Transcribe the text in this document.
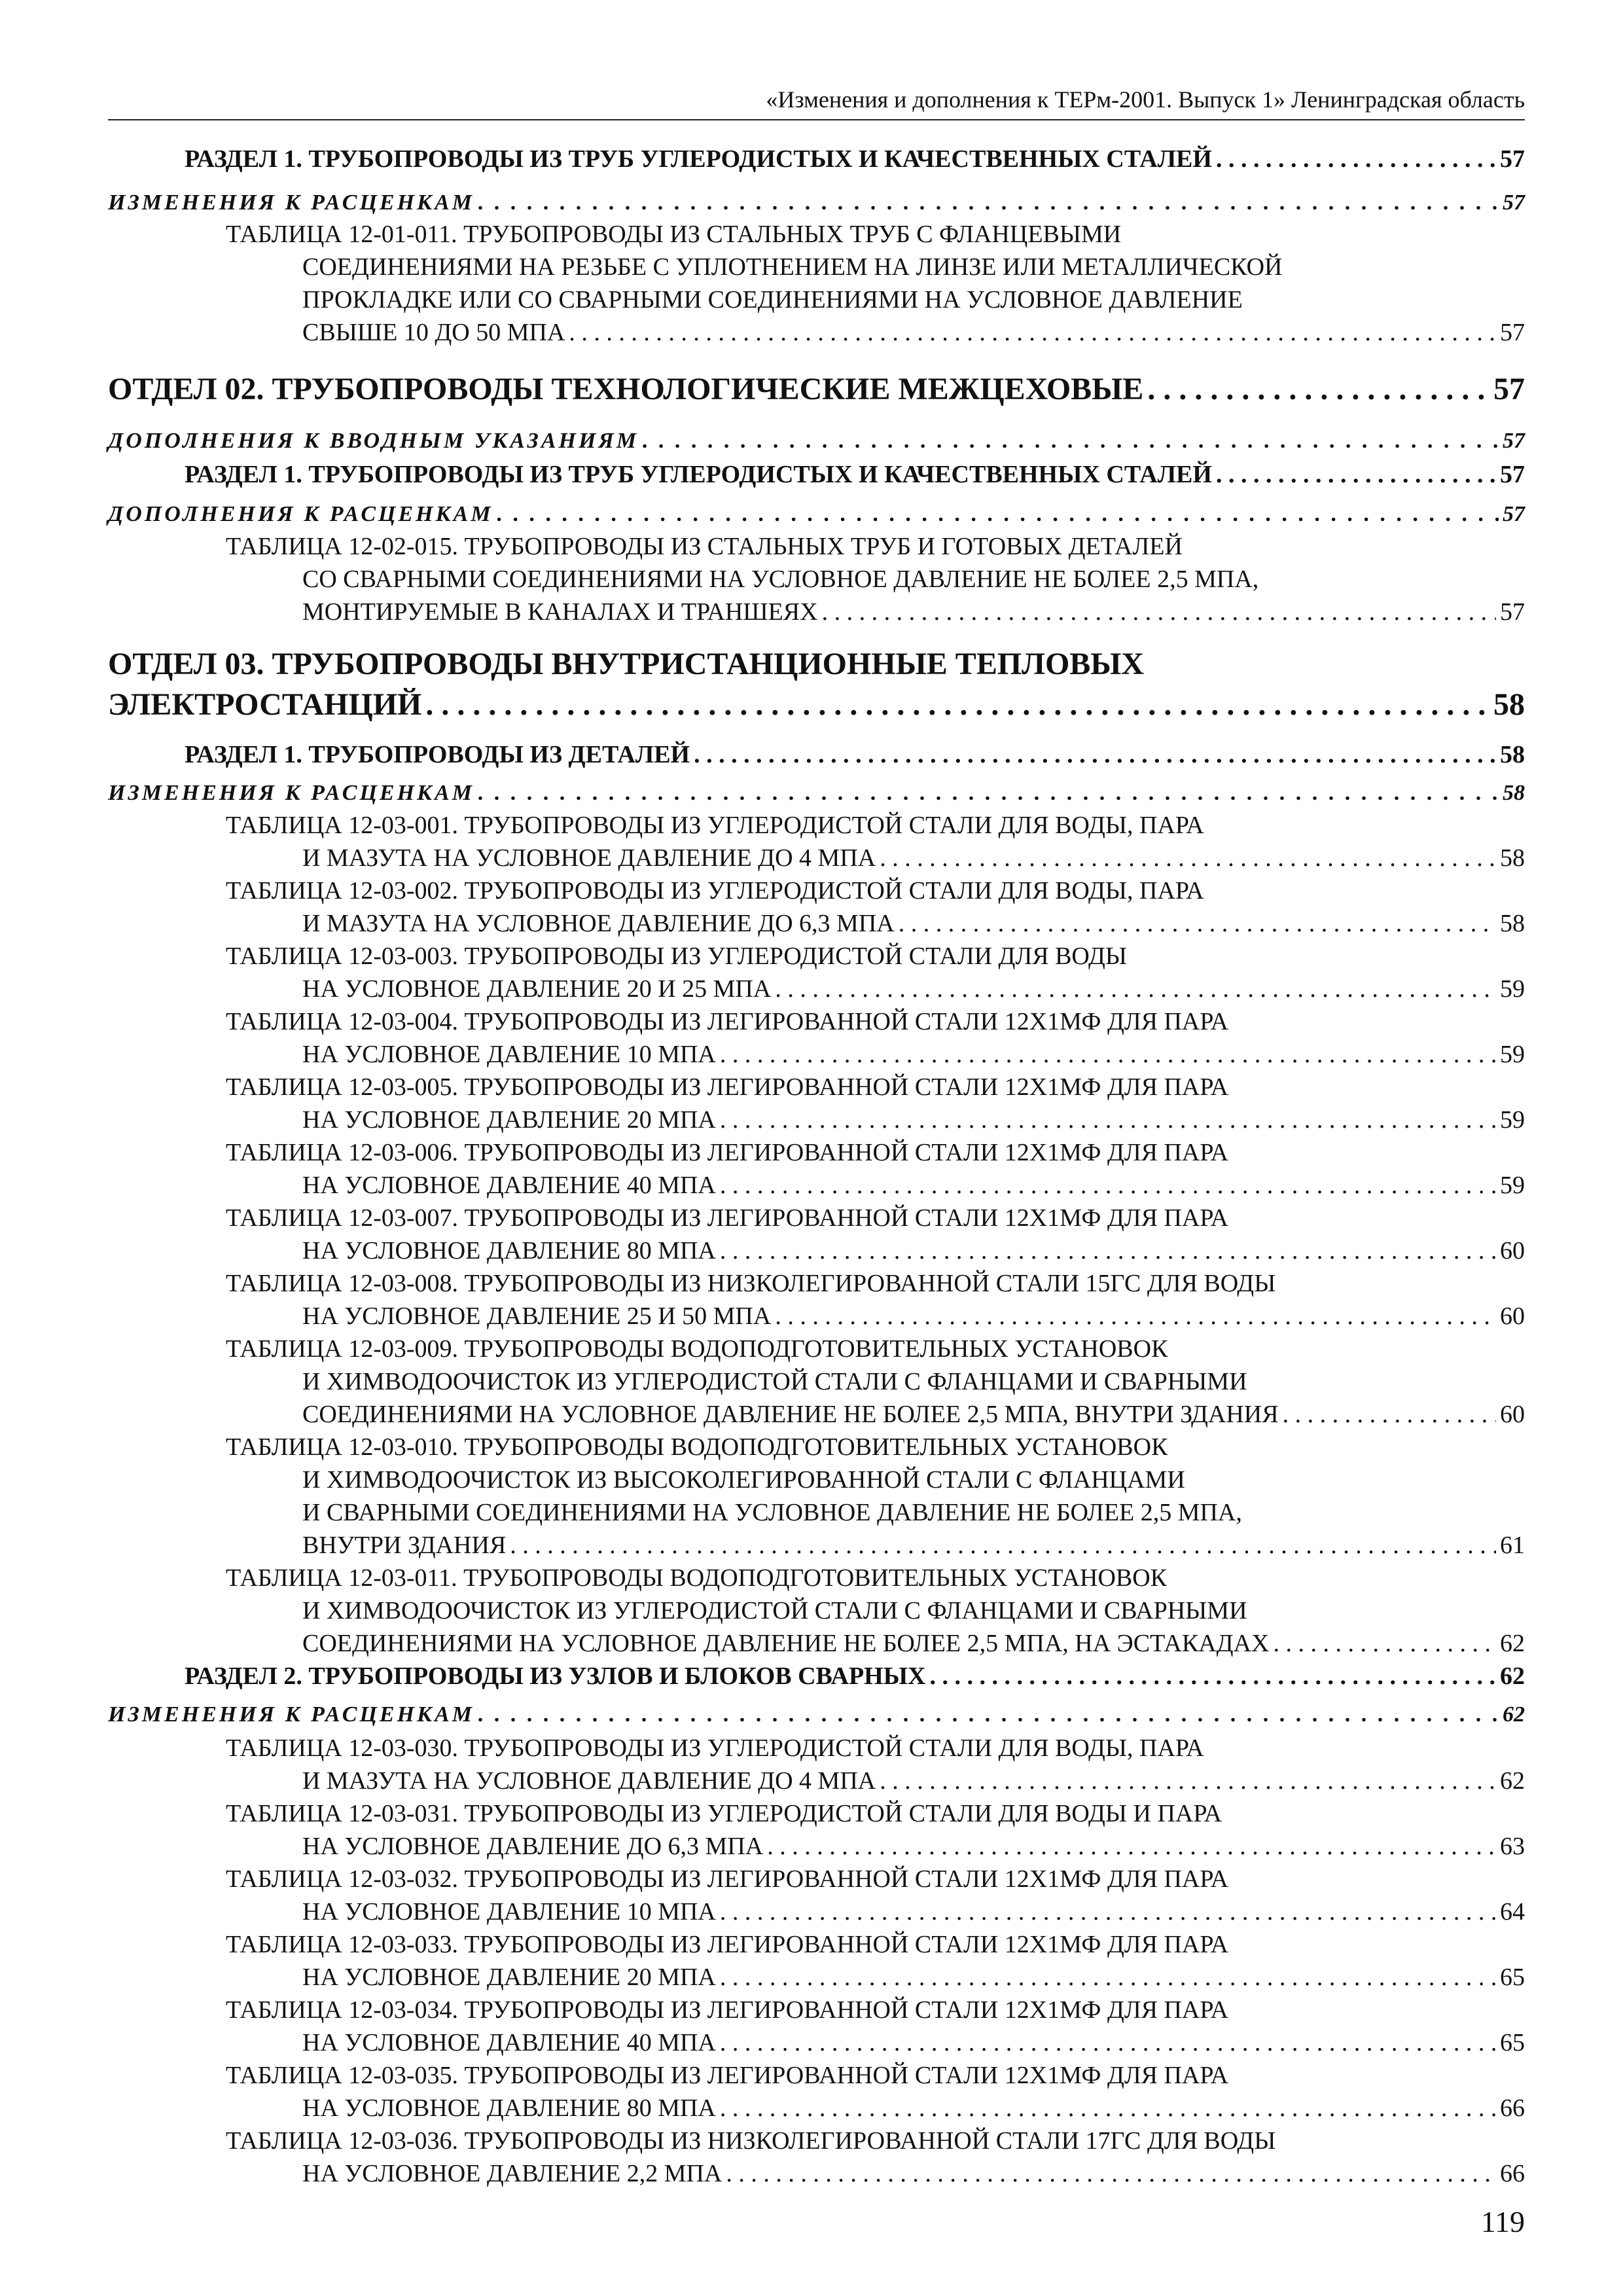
«Изменения и дополнения к ТЕРм-2001. Выпуск 1» Ленинградская область
РАЗДЕЛ 1. ТРУБОПРОВОДЫ ИЗ ТРУБ УГЛЕРОДИСТЫХ И КАЧЕСТВЕННЫХ СТАЛЕЙ . . .	57
ИЗМЕНЕНИЯ К РАСЦЕНКАМ . . .	57
ТАБЛИЦА 12-01-011. ТРУБОПРОВОДЫ ИЗ СТАЛЬНЫХ ТРУБ С ФЛАНЦЕВЫМИ
СОЕДИНЕНИЯМИ НА РЕЗЬБЕ С УПЛОТНЕНИЕМ НА ЛИНЗЕ ИЛИ МЕТАЛЛИЧЕСКОЙ
ПРОКЛАДКЕ ИЛИ СО СВАРНЫМИ СОЕДИНЕНИЯМИ НА УСЛОВНОЕ ДАВЛЕНИЕ
СВЫШЕ 10 ДО 50 МПА . . .	57
ОТДЕЛ 02. ТРУБОПРОВОДЫ ТЕХНОЛОГИЧЕСКИЕ МЕЖЦЕХОВЫЕ . . .	57
ДОПОЛНЕНИЯ К ВВОДНЫМ УКАЗАНИЯМ . . .	57
РАЗДЕЛ 1. ТРУБОПРОВОДЫ ИЗ ТРУБ УГЛЕРОДИСТЫХ И КАЧЕСТВЕННЫХ СТАЛЕЙ . . .	57
ДОПОЛНЕНИЯ К РАСЦЕНКАМ . . .	57
ТАБЛИЦА 12-02-015. ТРУБОПРОВОДЫ ИЗ СТАЛЬНЫХ ТРУБ И ГОТОВЫХ ДЕТАЛЕЙ
СО СВАРНЫМИ СОЕДИНЕНИЯМИ НА УСЛОВНОЕ ДАВЛЕНИЕ НЕ БОЛЕЕ 2,5 МПА,
МОНТИРУЕМЫЕ В КАНАЛАХ И ТРАНШЕЯХ . . .	57
ОТДЕЛ 03. ТРУБОПРОВОДЫ ВНУТРИСТАНЦИОННЫЕ ТЕПЛОВЫХ
ЭЛЕКТРОСТАНЦИЙ . . .	58
РАЗДЕЛ 1. ТРУБОПРОВОДЫ ИЗ ДЕТАЛЕЙ . . .	58
ИЗМЕНЕНИЯ К РАСЦЕНКАМ . . .	58
ТАБЛИЦА 12-03-001. ТРУБОПРОВОДЫ ИЗ УГЛЕРОДИСТОЙ СТАЛИ ДЛЯ ВОДЫ, ПАРА
И МАЗУТА НА УСЛОВНОЕ ДАВЛЕНИЕ ДО 4 МПА . . .	58
ТАБЛИЦА 12-03-002. ТРУБОПРОВОДЫ ИЗ УГЛЕРОДИСТОЙ СТАЛИ ДЛЯ ВОДЫ, ПАРА
И МАЗУТА НА УСЛОВНОЕ ДАВЛЕНИЕ ДО 6,3 МПА . . .	58
ТАБЛИЦА 12-03-003. ТРУБОПРОВОДЫ ИЗ УГЛЕРОДИСТОЙ СТАЛИ ДЛЯ ВОДЫ
НА УСЛОВНОЕ ДАВЛЕНИЕ 20 И 25 МПА . . .	59
ТАБЛИЦА 12-03-004. ТРУБОПРОВОДЫ ИЗ ЛЕГИРОВАННОЙ СТАЛИ 12Х1МФ ДЛЯ ПАРА
НА УСЛОВНОЕ ДАВЛЕНИЕ 10 МПА . . .	59
ТАБЛИЦА 12-03-005. ТРУБОПРОВОДЫ ИЗ ЛЕГИРОВАННОЙ СТАЛИ 12Х1МФ ДЛЯ ПАРА
НА УСЛОВНОЕ ДАВЛЕНИЕ 20 МПА . . .	59
ТАБЛИЦА 12-03-006. ТРУБОПРОВОДЫ ИЗ ЛЕГИРОВАННОЙ СТАЛИ 12Х1МФ ДЛЯ ПАРА
НА УСЛОВНОЕ ДАВЛЕНИЕ 40 МПА . . .	59
ТАБЛИЦА 12-03-007. ТРУБОПРОВОДЫ ИЗ ЛЕГИРОВАННОЙ СТАЛИ 12Х1МФ ДЛЯ ПАРА
НА УСЛОВНОЕ ДАВЛЕНИЕ 80 МПА . . .	60
ТАБЛИЦА 12-03-008. ТРУБОПРОВОДЫ ИЗ НИЗКОЛЕГИРОВАННОЙ СТАЛИ 15ГС ДЛЯ ВОДЫ
НА УСЛОВНОЕ ДАВЛЕНИЕ 25 И 50 МПА . . .	60
ТАБЛИЦА 12-03-009. ТРУБОПРОВОДЫ ВОДОПОДГОТОВИТЕЛЬНЫХ УСТАНОВОК
И ХИМВОДООЧИСТОК ИЗ УГЛЕРОДИСТОЙ СТАЛИ С ФЛАНЦАМИ И СВАРНЫМИ
СОЕДИНЕНИЯМИ НА УСЛОВНОЕ ДАВЛЕНИЕ НЕ БОЛЕЕ 2,5 МПА, ВНУТРИ ЗДАНИЯ . . .	60
ТАБЛИЦА 12-03-010. ТРУБОПРОВОДЫ ВОДОПОДГОТОВИТЕЛЬНЫХ УСТАНОВОК
И ХИМВОДООЧИСТОК ИЗ ВЫСОКОЛЕГИРОВАННОЙ СТАЛИ С ФЛАНЦАМИ
И СВАРНЫМИ СОЕДИНЕНИЯМИ НА УСЛОВНОЕ ДАВЛЕНИЕ НЕ БОЛЕЕ 2,5 МПА,
ВНУТРИ ЗДАНИЯ . . .	61
ТАБЛИЦА 12-03-011. ТРУБОПРОВОДЫ ВОДОПОДГОТОВИТЕЛЬНЫХ УСТАНОВОК
И ХИМВОДООЧИСТОК ИЗ УГЛЕРОДИСТОЙ СТАЛИ С ФЛАНЦАМИ И СВАРНЫМИ
СОЕДИНЕНИЯМИ НА УСЛОВНОЕ ДАВЛЕНИЕ НЕ БОЛЕЕ 2,5 МПА, НА ЭСТАКАДАХ . . .	62
РАЗДЕЛ 2. ТРУБОПРОВОДЫ ИЗ УЗЛОВ И БЛОКОВ СВАРНЫХ . . .	62
ИЗМЕНЕНИЯ К РАСЦЕНКАМ . . .	62
ТАБЛИЦА 12-03-030. ТРУБОПРОВОДЫ ИЗ УГЛЕРОДИСТОЙ СТАЛИ ДЛЯ ВОДЫ, ПАРА
И МАЗУТА НА УСЛОВНОЕ ДАВЛЕНИЕ ДО 4 МПА . . .	62
ТАБЛИЦА 12-03-031. ТРУБОПРОВОДЫ ИЗ УГЛЕРОДИСТОЙ СТАЛИ ДЛЯ ВОДЫ И ПАРА
НА УСЛОВНОЕ ДАВЛЕНИЕ ДО 6,3 МПА . . .	63
ТАБЛИЦА 12-03-032. ТРУБОПРОВОДЫ ИЗ ЛЕГИРОВАННОЙ СТАЛИ 12Х1МФ ДЛЯ ПАРА
НА УСЛОВНОЕ ДАВЛЕНИЕ 10 МПА . . .	64
ТАБЛИЦА 12-03-033. ТРУБОПРОВОДЫ ИЗ ЛЕГИРОВАННОЙ СТАЛИ 12Х1МФ ДЛЯ ПАРА
НА УСЛОВНОЕ ДАВЛЕНИЕ 20 МПА . . .	65
ТАБЛИЦА 12-03-034. ТРУБОПРОВОДЫ ИЗ ЛЕГИРОВАННОЙ СТАЛИ 12Х1МФ ДЛЯ ПАРА
НА УСЛОВНОЕ ДАВЛЕНИЕ 40 МПА . . .	65
ТАБЛИЦА 12-03-035. ТРУБОПРОВОДЫ ИЗ ЛЕГИРОВАННОЙ СТАЛИ 12Х1МФ ДЛЯ ПАРА
НА УСЛОВНОЕ ДАВЛЕНИЕ 80 МПА . . .	66
ТАБЛИЦА 12-03-036. ТРУБОПРОВОДЫ ИЗ НИЗКОЛЕГИРОВАННОЙ СТАЛИ 17ГС ДЛЯ ВОДЫ
НА УСЛОВНОЕ ДАВЛЕНИЕ 2,2 МПА . . .	66
119
